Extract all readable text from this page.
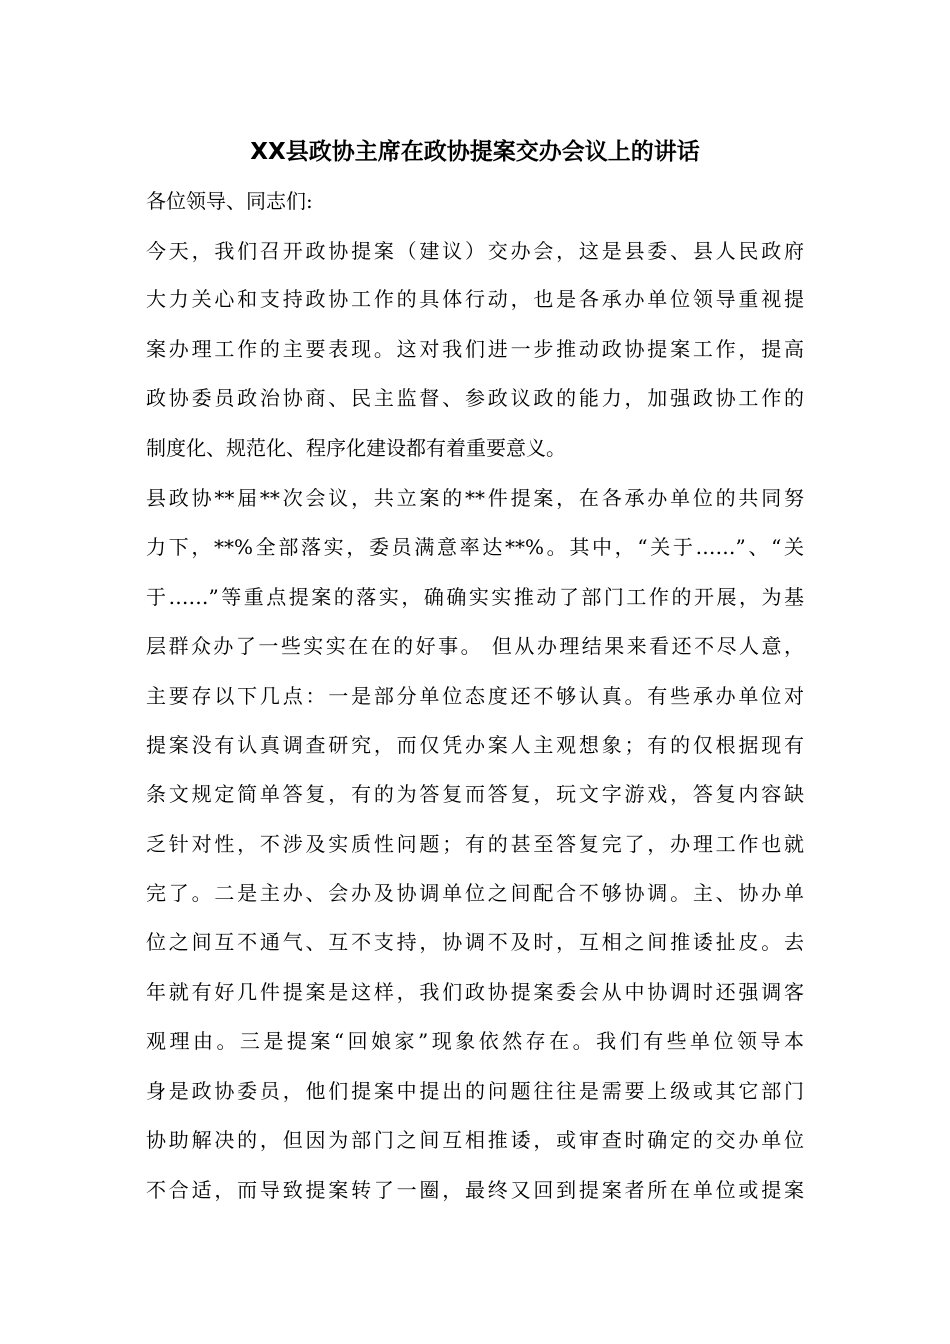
XX县政协主席在政协提案交办会议上的讲话
各位领导、同志们:
今天，我们召开政协提案（建议）交办会，这是县委、县人民政府
大力关心和支持政协工作的具体行动，也是各承办单位领导重视提
案办理工作的主要表现。这对我们进一步推动政协提案工作，提高
政协委员政治协商、民主监督、参政议政的能力，加强政协工作的
制度化、规范化、程序化建设都有着重要意义。
县政协**届**次会议，共立案的**件提案，在各承办单位的共同努
力下，**%全部落实，委员满意率达**%。其中，“关于……”、“关
于……”等重点提案的落实，确确实实推动了部门工作的开展，为基
层群众办了一些实实在在的好事。 但从办理结果来看还不尽人意，
主要存以下几点：一是部分单位态度还不够认真。有些承办单位对
提案没有认真调查研究，而仅凭办案人主观想象；有的仅根据现有
条文规定简单答复，有的为答复而答复，玩文字游戏，答复内容缺
乏针对性，不涉及实质性问题；有的甚至答复完了，办理工作也就
完了。二是主办、会办及协调单位之间配合不够协调。主、协办单
位之间互不通气、互不支持，协调不及时，互相之间推诿扯皮。去
年就有好几件提案是这样，我们政协提案委会从中协调时还强调客
观理由。三是提案“回娘家”现象依然存在。我们有些单位领导本
身是政协委员，他们提案中提出的问题往往是需要上级或其它部门
协助解决的，但因为部门之间互相推诿，或审查时确定的交办单位
不合适，而导致提案转了一圈，最终又回到提案者所在单位或提案
